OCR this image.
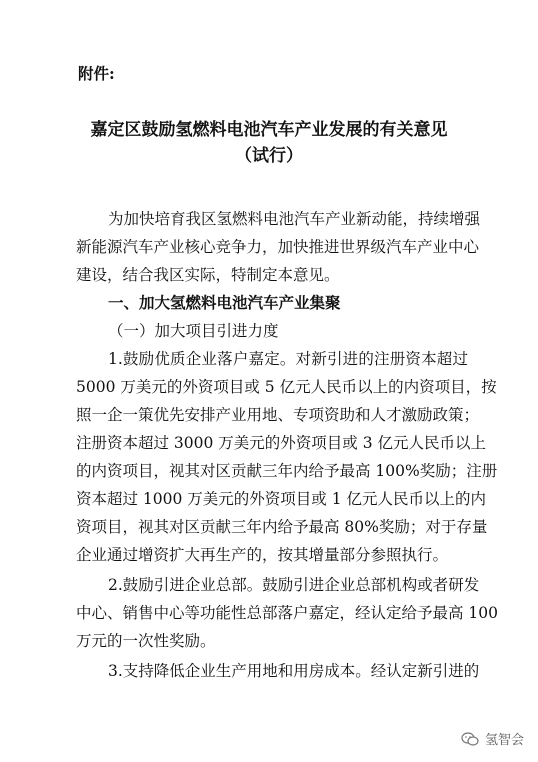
附件:
嘉定区鼓励氢燃料电池汽车产业发展的有关意见
（试行）
为加快培育我区氢燃料电池汽车产业新动能，持续增强
新能源汽车产业核心竞争力，加快推进世界级汽车产业中心
建设，结合我区实际，特制定本意见。
一、加大氢燃料电池汽车产业集聚
（一）加大项目引进力度
1.鼓励优质企业落户嘉定。对新引进的注册资本超过
5000 万美元的外资项目或 5 亿元人民币以上的内资项目，按
照一企一策优先安排产业用地、专项资助和人才激励政策；
注册资本超过 3000 万美元的外资项目或 3 亿元人民币以上
的内资项目，视其对区贡献三年内给予最高 100%奖励；注册
资本超过 1000 万美元的外资项目或 1 亿元人民币以上的内
资项目，视其对区贡献三年内给予最高 80%奖励；对于存量
企业通过增资扩大再生产的，按其增量部分参照执行。
2.鼓励引进企业总部。鼓励引进企业总部机构或者研发
中心、销售中心等功能性总部落户嘉定，经认定给予最高 100
万元的一次性奖励。
3.支持降低企业生产用地和用房成本。经认定新引进的
氢智会
